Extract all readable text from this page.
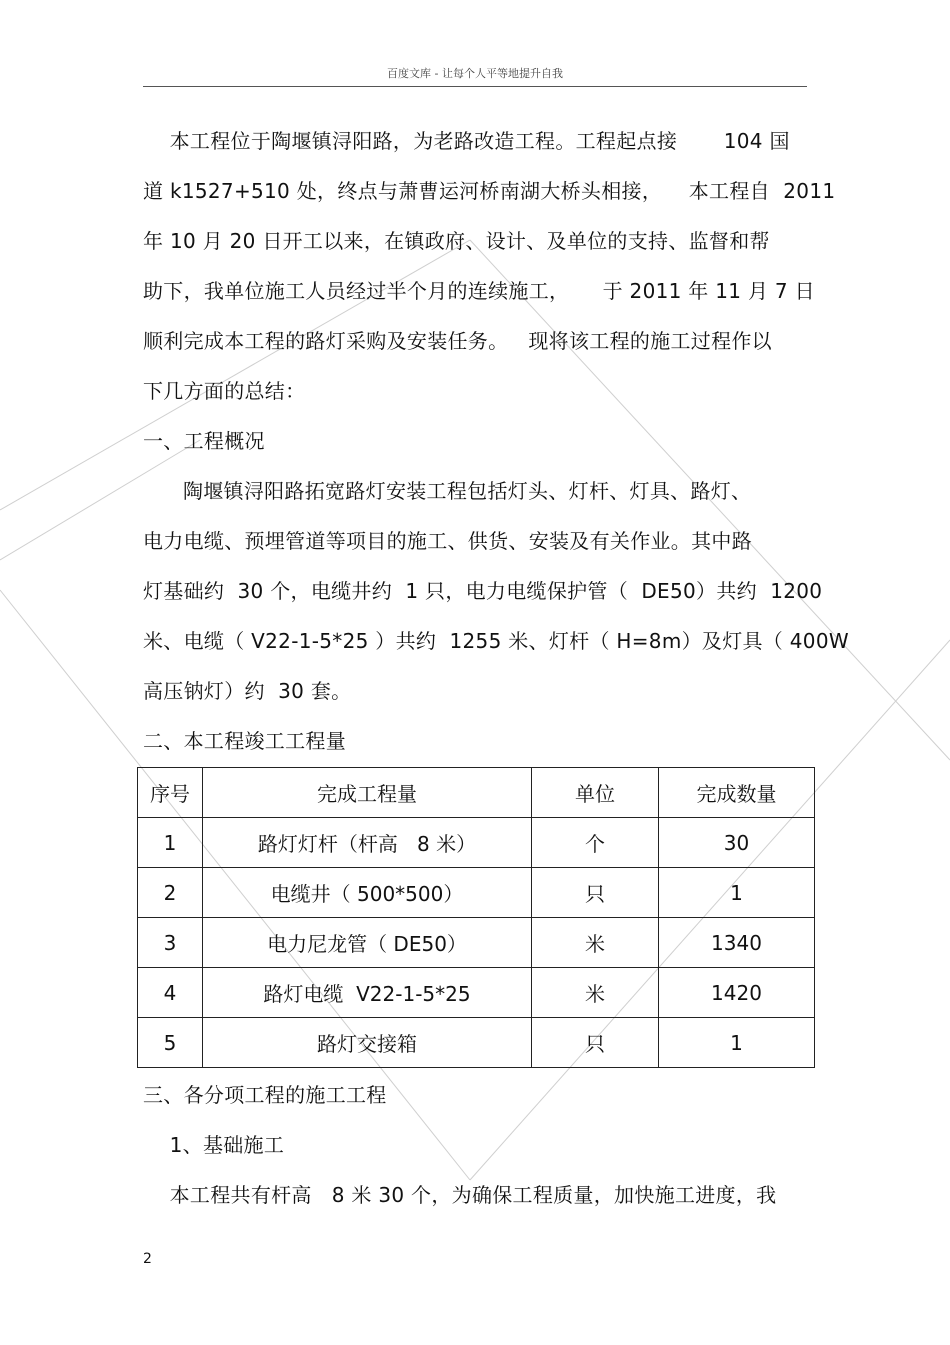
百度文库 - 让每个人平等地提升自我
本工程位于陶堰镇浔阳路，为老路改造工程。工程起点接       104 国
道 k1527+510 处，终点与萧曹运河桥南湖大桥头相接，    本工程自  2011
年 10 月 20 日开工以来，在镇政府、设计、及单位的支持、监督和帮
助下，我单位施工人员经过半个月的连续施工，     于 2011 年 11 月 7 日
顺利完成本工程的路灯采购及安装任务。   现将该工程的施工过程作以
下几方面的总结：
一、工程概况
陶堰镇浔阳路拓宽路灯安装工程包括灯头、灯杆、灯具、路灯、
电力电缆、预埋管道等项目的施工、供货、安装及有关作业。其中路
灯基础约  30 个，电缆井约  1 只，电力电缆保护管（  DE50）共约  1200
米、电缆（ V22-1-5*25 ）共约  1255 米、灯杆（ H=8m）及灯具（ 400W
高压钠灯）约  30 套。
二、本工程竣工工程量
序号	完成工程量	单位	完成数量
1	路灯灯杆（杆高   8 米）	个	30
2	电缆井（ 500*500）	只	1
3	电力尼龙管（ DE50）	米	1340
4	路灯电缆  V22-1-5*25	米	1420
5	路灯交接箱	只	1
三、各分项工程的施工工程
1、基础施工
本工程共有杆高   8 米 30 个，为确保工程质量，加快施工进度，我
2
